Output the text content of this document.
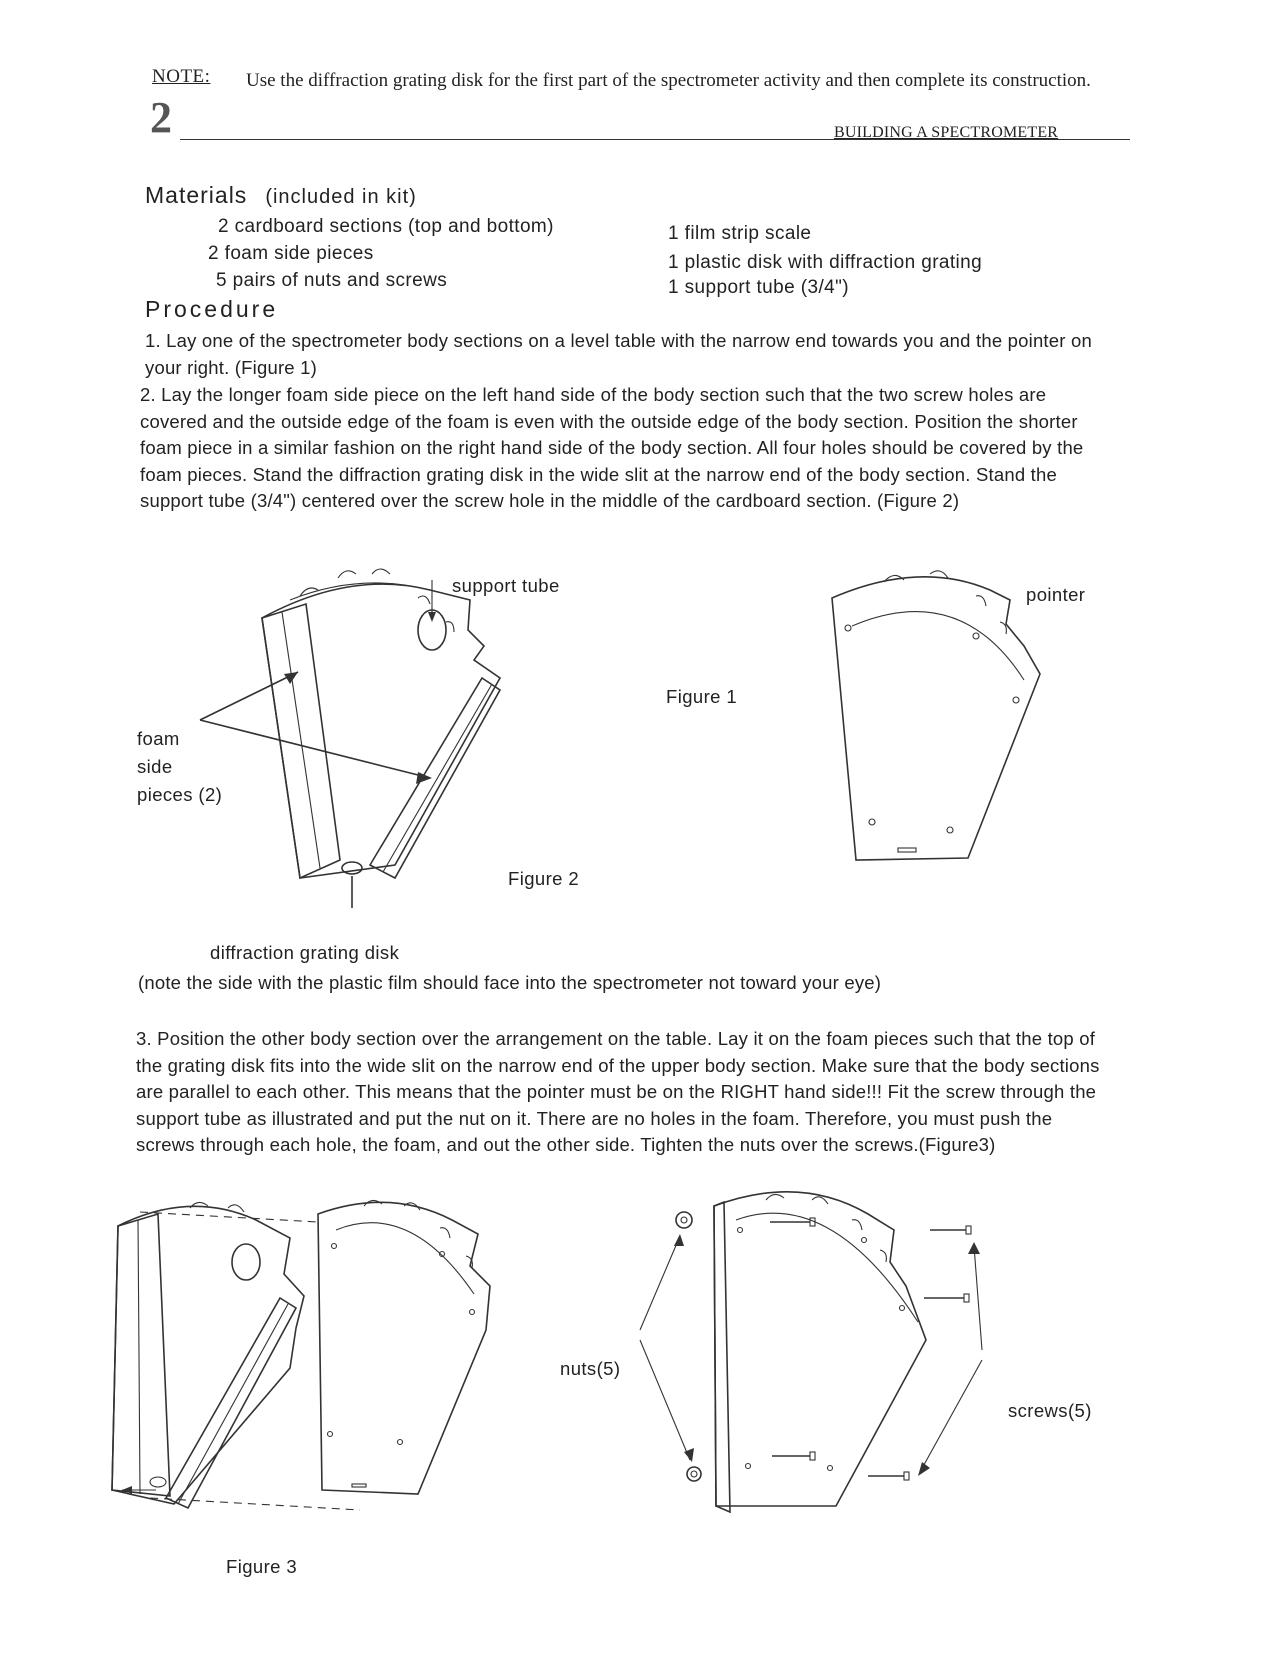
NOTE: Use the diffraction grating disk for the first part of the spectrometer activity and then complete its construction.
2	BUILDING A SPECTROMETER
Materials (included in kit)
2 cardboard sections (top and bottom)
2 foam side pieces
5 pairs of nuts and screws
1 film strip scale
1 plastic disk with diffraction grating
1 support tube (3/4")
Procedure
1. Lay one of the spectrometer body sections on a level table with the narrow end towards you and the pointer on your right. (Figure 1)
2. Lay the longer foam side piece on the left hand side of the body section such that the two screw holes are covered and the outside edge of the foam is even with the outside edge of the body section. Position the shorter foam piece in a similar fashion on the right hand side of the body section. All four holes should be covered by the foam pieces. Stand the diffraction grating disk in the wide slit at the narrow end of the body section. Stand the support tube (3/4") centered over the screw hole in the middle of the cardboard section. (Figure 2)
support tube	pointer
Figure 1
foam
side
pieces (2)
Figure 2
diffraction grating disk
(note the side with the plastic film should face into the spectrometer not toward your eye)
3. Position the other body section over the arrangement on the table. Lay it on the foam pieces such that the top of the grating disk fits into the wide slit on the narrow end of the upper body section. Make sure that the body sections are parallel to each other. This means that the pointer must be on the RIGHT hand side!!! Fit the screw through the support tube as illustrated and put the nut on it. There are no holes in the foam. Therefore, you must push the screws through each hole, the foam, and out the other side. Tighten the nuts over the screws.(Figure3)
nuts(5)
screws(5)
Figure 3
